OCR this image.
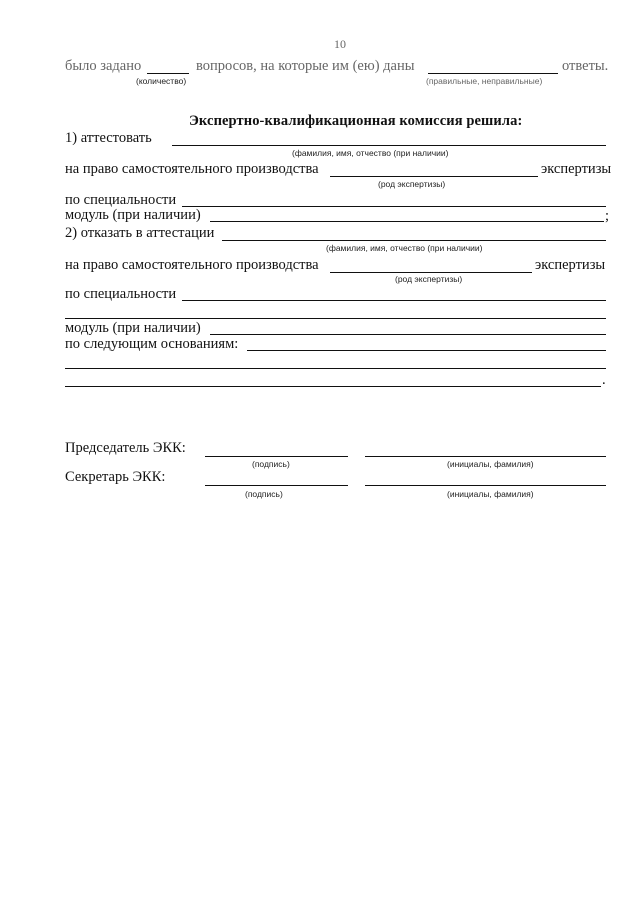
10
было задано	вопросов, на которые им (ею) даны	ответы.
(количество)	(правильные, неправильные)
Экспертно-квалификационная комиссия решила:
1) аттестовать
(фамилия, имя, отчество (при наличии)
на право самостоятельного производства	экспертизы
(род экспертизы)
по специальности
модуль (при наличии)	;
2) отказать в аттестации
(фамилия, имя, отчество (при наличии)
на право самостоятельного производства	экспертизы
(род экспертизы)
по специальности
модуль (при наличии)
по следующим основаниям:
.
Председатель ЭКК:
(подпись)	(инициалы, фамилия)
Секретарь ЭКК:
(подпись)	(инициалы, фамилия)
